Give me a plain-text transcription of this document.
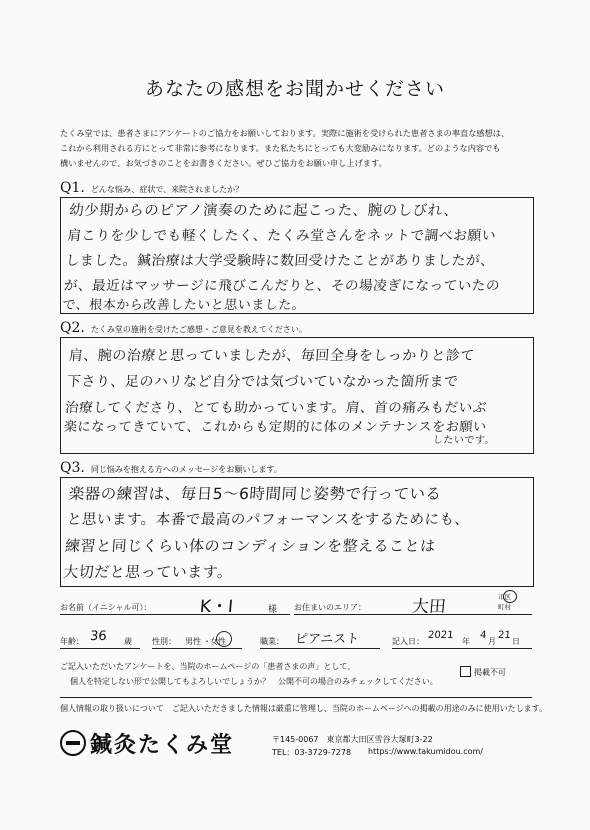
あなたの感想をお聞かせください
たくみ堂では、患者さまにアンケートのご協力をお願いしております。実際に施術を受けられた患者さまの率直な感想は、
これから利用される方にとって非常に参考になります。また私たちにとっても大変励みになります。どのような内容でも
構いませんので、お気づきのことをお書きください。ぜひご協力をお願い申し上げます。
Q1. どんな悩み、症状で、来院されましたか？
幼少期からのピアノ演奏のために起こった、腕のしびれ、
肩こりを少しでも軽くしたく、たくみ堂さんをネットで調べお願い
しました。鍼治療は大学受験時に数回受けたことがありましたが、
が、最近はマッサージに飛びこんだりと、その場凌ぎになっていたの
で、根本から改善したいと思いました。
Q2. たくみ堂の施術を受けたご感想・ご意見を教えてください。
肩、腕の治療と思っていましたが、毎回全身をしっかりと診て
下さり、足のハリなど自分では気づいていなかった箇所まで
治療してくださり、とても助かっています。肩、首の痛みもだいぶ
楽になってきていて、これからも定期的に体のメンテナンスをお願い
したいです。
Q3. 同じ悩みを抱える方へのメッセージをお願いします。
楽器の練習は、毎日5〜6時間同じ姿勢で行っている
と思います。本番で最高のパフォーマンスをするためにも、
練習と同じくらい体のコンディションを整えることは
大切だと思っています。
お名前（イニシャル可）：	K・I	様 お住まいのエリア：	大田	市区
町村
年齢： 36 歳	性別： 男性 ・ 女性	職業： ピアニスト	記入日：
2021
年
4
月
21
日
ご記入いただいたアンケートを、当院のホームページの「患者さまの声」として、
個人を特定しない形で公開してもよろしいでしょうか？　公開不可の場合のみチェックしてください。
掲載不可
個人情報の取り扱いについて　ご記入いただきました情報は厳重に管理し、当院のホームページへの掲載の用途のみに使用いたします。
鍼灸たくみ堂	〒145-0067　東京都大田区雪谷大塚町3-22
TEL：03-3729-7278 https://www.takumidou.com/
